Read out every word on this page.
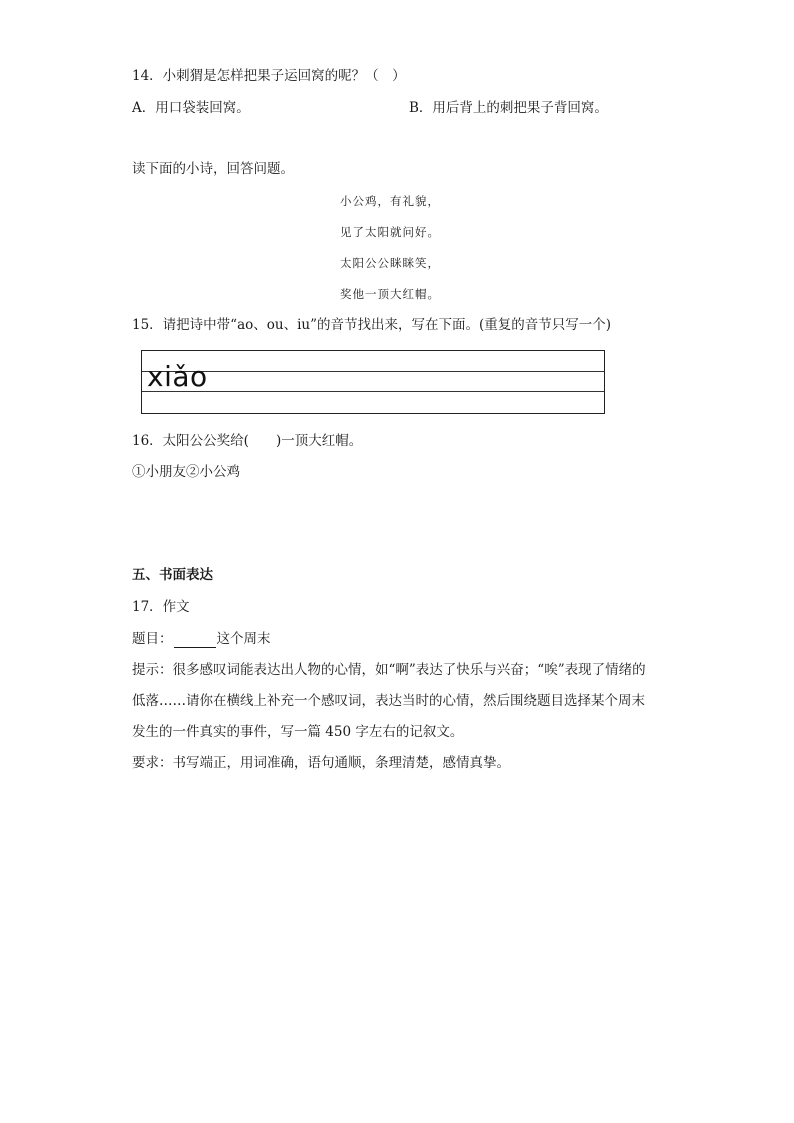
14．小刺猬是怎样把果子运回窝的呢？（　）
A．用口袋装回窝。	B．用后背上的刺把果子背回窝。
读下面的小诗，回答问题。
小公鸡，有礼貌，
见了太阳就问好。
太阳公公眯眯笑，
奖他一顶大红帽。
15．请把诗中带“ao、ou、iu”的音节找出来，写在下面。(重复的音节只写一个)
xiǎo
16．太阳公公奖给(　　)一顶大红帽。
①小朋友②小公鸡
五、书面表达
17．作文
题目：	这个周末
提示：很多感叹词能表达出人物的心情，如“啊”表达了快乐与兴奋；“唉”表现了情绪的
低落……请你在横线上补充一个感叹词，表达当时的心情，然后围绕题目选择某个周末
发生的一件真实的事件，写一篇 450 字左右的记叙文。
要求：书写端正，用词准确，语句通顺，条理清楚，感情真挚。
